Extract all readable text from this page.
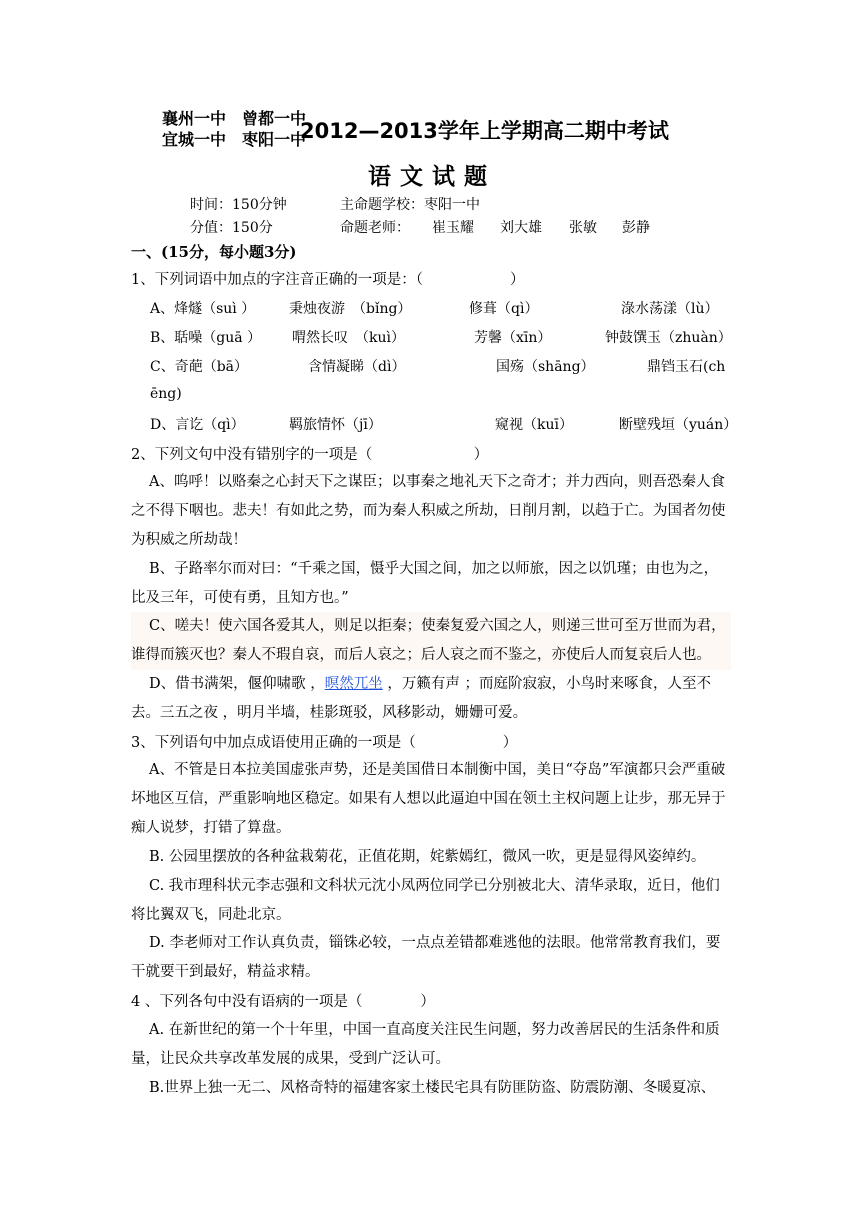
襄州一中　曾都一中
宜城一中　枣阳一中
2012—2013学年上学期高二期中考试
语文试题
时间：150分钟	主命题学校：枣阳一中
分值：150分	命题老师： 崔玉耀 刘大雄 张敏 彭静
一、(15分，每小题3分)
1、下列词语中加点的字注音正确的一项是：（　　　　　　）
A、烽燧（suì ） 秉烛夜游　（bǐng）	修葺（qì）	淥水荡漾（lù）
B、聒噪（guā ） 喟然长叹　（kuì）	芳馨（xīn）	钟鼓馔玉（zhuàn）
C、奇葩（bā）	含情凝睇（dì）	国殇（shāng）	鼎铛玉石(ch
ēng)
D、言讫（qì）	羁旅情怀（jī）	窥视（kuī）	断壁残垣（yuán）
2、下列文句中没有错别字的一项是（　　　　　　　）
A、呜呼！以赂秦之心封天下之谋臣；以事秦之地礼天下之奇才；并力西向，则吾恐秦人食之不得下咽也。悲夫！有如此之势，而为秦人积威之所劫，日削月割，以趋于亡。为国者勿使为积威之所劫哉！
B、子路率尔而对曰：“千乘之国，慑乎大国之间，加之以师旅，因之以饥瑾；由也为之，比及三年，可使有勇，且知方也。”
C、嗟夫！使六国各爱其人，则足以拒秦；使秦复爱六国之人，则递三世可至万世而为君，谁得而簇灭也？秦人不瑕自哀，而后人哀之；后人哀之而不鉴之，亦使后人而复哀后人也。
D、借书满架，偃仰啸歌 ，暝然兀坐 ，万籁有声 ；而庭阶寂寂，小鸟时来啄食，人至不去。三五之夜 ，明月半墙，桂影斑驳，风移影动，姗姗可爱。
3、下列语句中加点成语使用正确的一项是（　　　　　　）
A、不管是日本拉美国虚张声势，还是美国借日本制衡中国，美日“夺岛”军演都只会严重破坏地区互信，严重影响地区稳定。如果有人想以此逼迫中国在领土主权问题上让步，那无异于痴人说梦，打错了算盘。
B. 公园里摆放的各种盆栽菊花，正值花期，姹紫嫣红，微风一吹，更是显得风姿绰约。
C. 我市理科状元李志强和文科状元沈小凤两位同学已分别被北大、清华录取，近日，他们将比翼双飞，同赴北京。
D. 李老师对工作认真负责，锱铢必较，一点点差错都难逃他的法眼。他常常教育我们，要干就要干到最好，精益求精。
4 、下列各句中没有语病的一项是（　　　　）
A. 在新世纪的第一个十年里，中国一直高度关注民生问题，努力改善居民的生活条件和质量，让民众共享改革发展的成果，受到广泛认可。
B.世界上独一无二、风格奇特的福建客家土楼民宅具有防匪防盗、防震防潮、冬暖夏凉、
